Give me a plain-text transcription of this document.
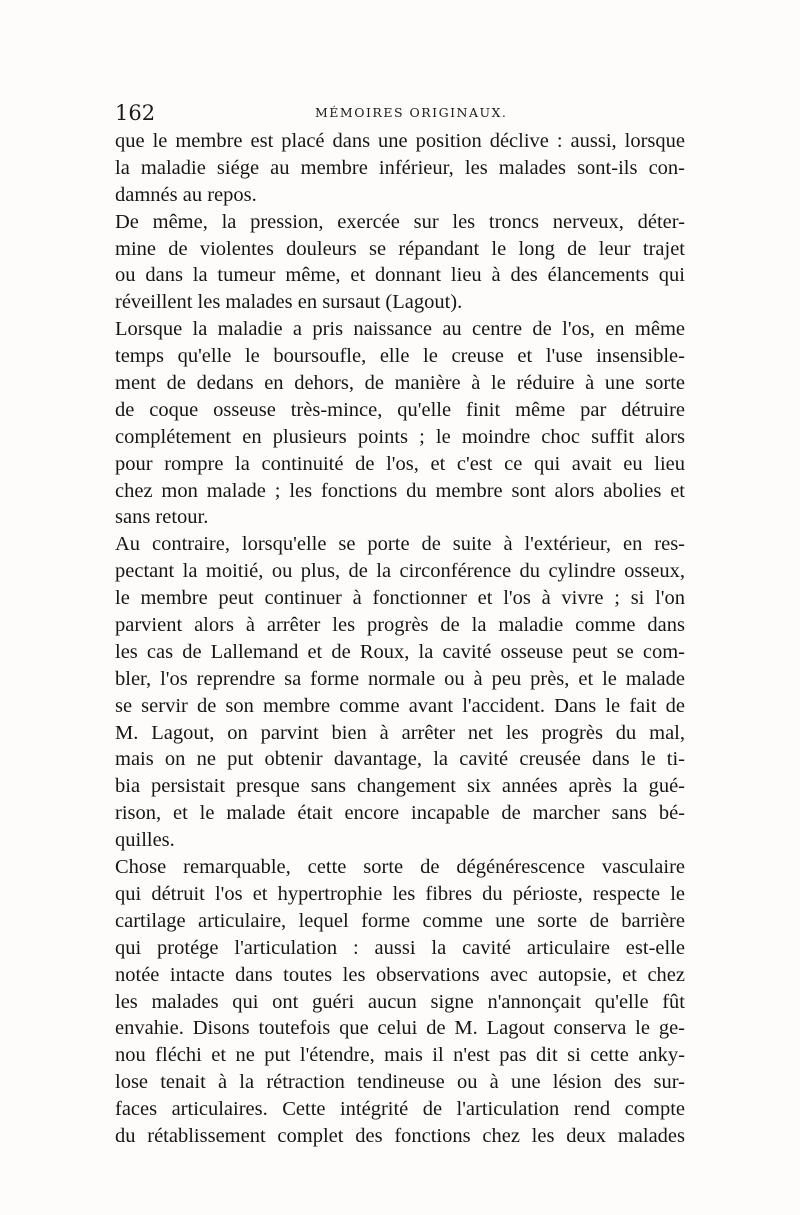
162	MÉMOIRES ORIGINAUX.
que le membre est placé dans une position déclive : aussi, lorsque
la maladie siége au membre inférieur, les malades sont-ils con-
damnés au repos.
De même, la pression, exercée sur les troncs nerveux, déter-
mine de violentes douleurs se répandant le long de leur trajet
ou dans la tumeur même, et donnant lieu à des élancements qui
réveillent les malades en sursaut (Lagout).
Lorsque la maladie a pris naissance au centre de l'os, en même
temps qu'elle le boursoufle, elle le creuse et l'use insensible-
ment de dedans en dehors, de manière à le réduire à une sorte
de coque osseuse très-mince, qu'elle finit même par détruire
complétement en plusieurs points ; le moindre choc suffit alors
pour rompre la continuité de l'os, et c'est ce qui avait eu lieu
chez mon malade ; les fonctions du membre sont alors abolies et
sans retour.
Au contraire, lorsqu'elle se porte de suite à l'extérieur, en res-
pectant la moitié, ou plus, de la circonférence du cylindre osseux,
le membre peut continuer à fonctionner et l'os à vivre ; si l'on
parvient alors à arrêter les progrès de la maladie comme dans
les cas de Lallemand et de Roux, la cavité osseuse peut se com-
bler, l'os reprendre sa forme normale ou à peu près, et le malade
se servir de son membre comme avant l'accident. Dans le fait de
M. Lagout, on parvint bien à arrêter net les progrès du mal,
mais on ne put obtenir davantage, la cavité creusée dans le ti-
bia persistait presque sans changement six années après la gué-
rison, et le malade était encore incapable de marcher sans bé-
quilles.
Chose remarquable, cette sorte de dégénérescence vasculaire
qui détruit l'os et hypertrophie les fibres du périoste, respecte le
cartilage articulaire, lequel forme comme une sorte de barrière
qui protége l'articulation : aussi la cavité articulaire est-elle
notée intacte dans toutes les observations avec autopsie, et chez
les malades qui ont guéri aucun signe n'annonçait qu'elle fût
envahie. Disons toutefois que celui de M. Lagout conserva le ge-
nou fléchi et ne put l'étendre, mais il n'est pas dit si cette anky-
lose tenait à la rétraction tendineuse ou à une lésion des sur-
faces articulaires. Cette intégrité de l'articulation rend compte
du rétablissement complet des fonctions chez les deux malades
